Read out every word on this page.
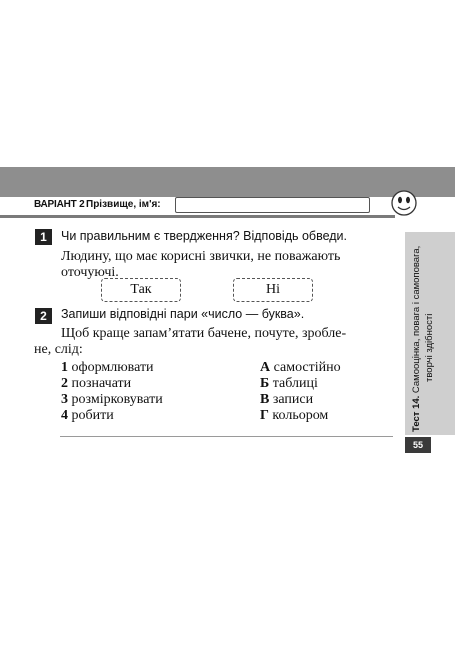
ВАРІАНТ 2 Прізвище, ім'я:
Тест 14. Самооцінка, повага і самоповага, творчі здібності
55
1	Чи правильним є твердження? Відповідь обведи.
Людину, що має корисні звички, не поважають
оточуючі.
Так	Ні
2	Запиши відповідні пари «число — буква».
Щоб краще запам’ятати бачене, почуте, зробле-
не, слід:
1 оформлювати
2 позначати
3 розмірковувати
4 робити
А самостійно
Б таблиці
В записи
Г кольором
